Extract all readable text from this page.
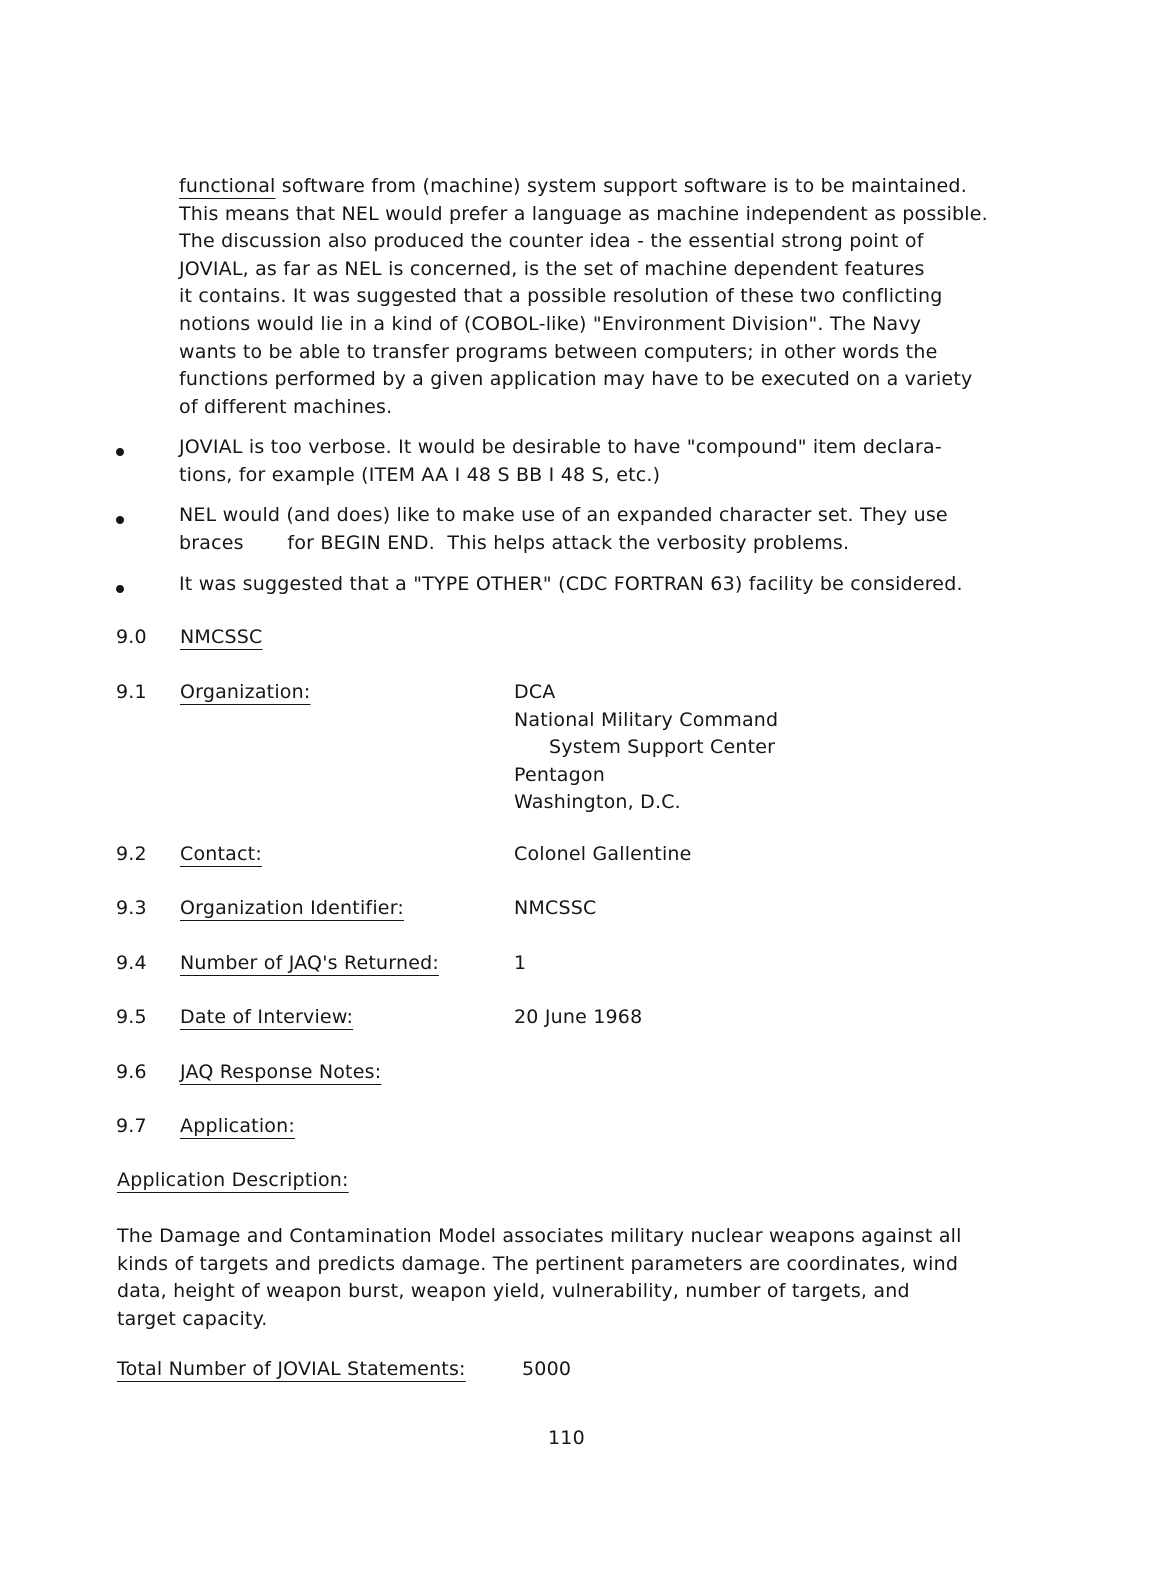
functional software from (machine) system support software is to be maintained.
This means that NEL would prefer a language as machine independent as possible.
The discussion also produced the counter idea - the essential strong point of
JOVIAL, as far as NEL is concerned, is the set of machine dependent features
it contains. It was suggested that a possible resolution of these two conflicting
notions would lie in a kind of (COBOL-like) "Environment Division". The Navy
wants to be able to transfer programs between computers; in other words the
functions performed by a given application may have to be executed on a variety
of different machines.
JOVIAL is too verbose. It would be desirable to have "compound" item declara-
tions, for example (ITEM AA I 48 S BB I 48 S, etc.)
NEL would (and does) like to make use of an expanded character set. They use
braces       for BEGIN END.  This helps attack the verbosity problems.
It was suggested that a "TYPE OTHER" (CDC FORTRAN 63) facility be considered.
9.0 NMCSSC
9.1 Organization:	DCA
National Military Command
System Support Center
Pentagon
Washington, D.C.
9.2 Contact:	Colonel Gallentine
9.3 Organization Identifier:	NMCSSC
9.4 Number of JAQ's Returned:	1
9.5 Date of Interview:	20 June 1968
9.6 JAQ Response Notes:
9.7 Application:
Application Description:
The Damage and Contamination Model associates military nuclear weapons against all
kinds of targets and predicts damage. The pertinent parameters are coordinates, wind
data, height of weapon burst, weapon yield, vulnerability, number of targets, and
target capacity.
Total Number of JOVIAL Statements:	5000
110
